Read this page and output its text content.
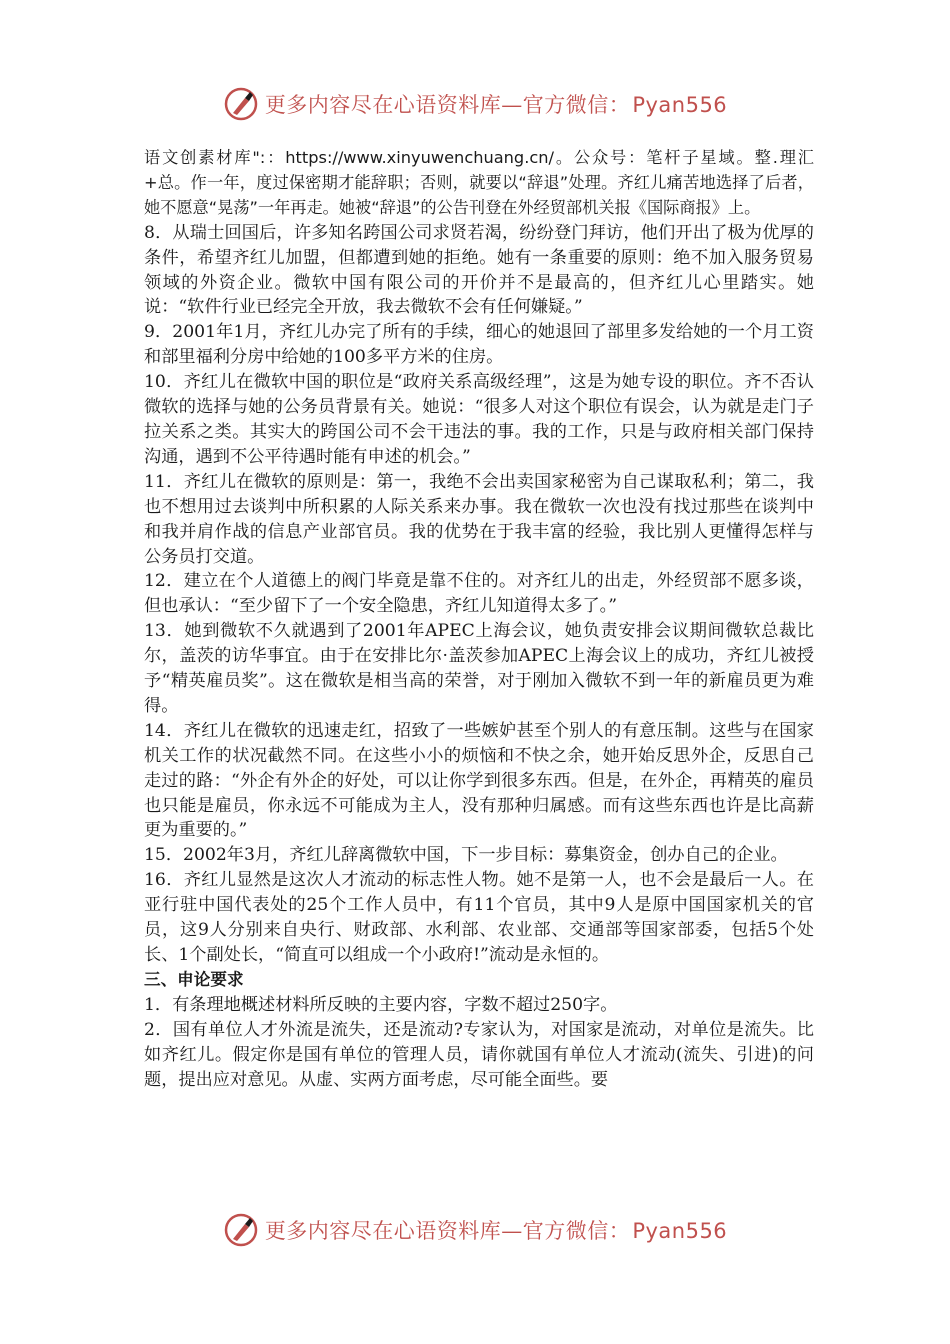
更多内容尽在心语资料库—官方微信：Pyan556

语文创素材库":：https://www.xinyuwenchuang.cn/。公众号：笔杆子星域。整.理汇+总。作一年，度过保密期才能辞职；否则，就要以“辞退”处理。齐红儿痛苦地选择了后者，她不愿意“晃荡”一年再走。她被“辞退”的公告刊登在外经贸部机关报《国际商报》上。

8．从瑞士回国后，许多知名跨国公司求贤若渴，纷纷登门拜访，他们开出了极为优厚的条件，希望齐红儿加盟，但都遭到她的拒绝。她有一条重要的原则：绝不加入服务贸易领域的外资企业。微软中国有限公司的开价并不是最高的，但齐红儿心里踏实。她说：“软件行业已经完全开放，我去微软不会有任何嫌疑。”

9．2001年1月，齐红儿办完了所有的手续，细心的她退回了部里多发给她的一个月工资和部里福利分房中给她的100多平方米的住房。

10．齐红儿在微软中国的职位是“政府关系高级经理”，这是为她专设的职位。齐不否认微软的选择与她的公务员背景有关。她说：“很多人对这个职位有误会，认为就是走门子拉关系之类。其实大的跨国公司不会干违法的事。我的工作，只是与政府相关部门保持沟通，遇到不公平待遇时能有申述的机会。”

11．齐红儿在微软的原则是：第一，我绝不会出卖国家秘密为自己谋取私利；第二，我也不想用过去谈判中所积累的人际关系来办事。我在微软一次也没有找过那些在谈判中和我并肩作战的信息产业部官员。我的优势在于我丰富的经验，我比别人更懂得怎样与公务员打交道。

12．建立在个人道德上的阀门毕竟是靠不住的。对齐红儿的出走，外经贸部不愿多谈，但也承认：“至少留下了一个安全隐患，齐红儿知道得太多了。”

13．她到微软不久就遇到了2001年APEC上海会议，她负责安排会议期间微软总裁比尔，盖茨的访华事宜。由于在安排比尔·盖茨参加APEC上海会议上的成功，齐红儿被授予“精英雇员奖”。这在微软是相当高的荣誉，对于刚加入微软不到一年的新雇员更为难得。

14．齐红儿在微软的迅速走红，招致了一些嫉妒甚至个别人的有意压制。这些与在国家机关工作的状况截然不同。在这些小小的烦恼和不快之余，她开始反思外企，反思自己走过的路：“外企有外企的好处，可以让你学到很多东西。但是，在外企，再精英的雇员也只能是雇员，你永远不可能成为主人，没有那种归属感。而有这些东西也许是比高薪更为重要的。”

15．2002年3月，齐红儿辞离微软中国，下一步目标：募集资金，创办自己的企业。

16．齐红儿显然是这次人才流动的标志性人物。她不是第一人，也不会是最后一人。在亚行驻中国代表处的25个工作人员中，有11个官员，其中9人是原中国国家机关的官员，这9人分别来自央行、财政部、水利部、农业部、交通部等国家部委，包括5个处长、1个副处长，“简直可以组成一个小政府!”流动是永恒的。

三、申论要求

1．有条理地概述材料所反映的主要内容，字数不超过250字。

2．国有单位人才外流是流失，还是流动?专家认为，对国家是流动，对单位是流失。比如齐红儿。假定你是国有单位的管理人员，请你就国有单位人才流动(流失、引进)的问题，提出应对意见。从虚、实两方面考虑，尽可能全面些。要

更多内容尽在心语资料库—官方微信：Pyan556
